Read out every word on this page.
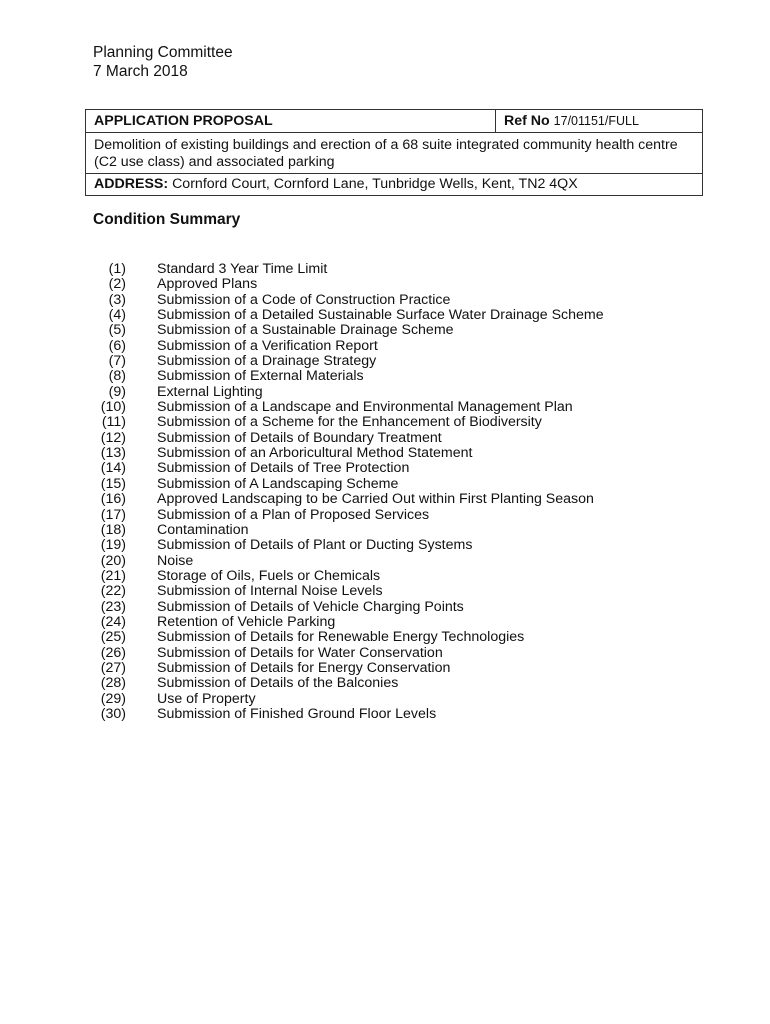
Planning Committee
7 March 2018
APPLICATION PROPOSAL	Ref No 17/01151/FULL
Demolition of existing buildings and erection of a 68 suite integrated community health centre (C2 use class) and associated parking
ADDRESS: Cornford Court, Cornford Lane, Tunbridge Wells, Kent, TN2 4QX
Condition Summary
(1) Standard 3 Year Time Limit
(2) Approved Plans
(3) Submission of a Code of Construction Practice
(4) Submission of a Detailed Sustainable Surface Water Drainage Scheme
(5) Submission of a Sustainable Drainage Scheme
(6) Submission of a Verification Report
(7) Submission of a Drainage Strategy
(8) Submission of External Materials
(9) External Lighting
(10) Submission of a Landscape and Environmental Management Plan
(11) Submission of a Scheme for the Enhancement of Biodiversity
(12) Submission of Details of Boundary Treatment
(13) Submission of an Arboricultural Method Statement
(14) Submission of Details of Tree Protection
(15) Submission of A Landscaping Scheme
(16) Approved Landscaping to be Carried Out within First Planting Season
(17) Submission of a Plan of Proposed Services
(18) Contamination
(19) Submission of Details of Plant or Ducting Systems
(20) Noise
(21) Storage of Oils, Fuels or Chemicals
(22) Submission of Internal Noise Levels
(23) Submission of Details of Vehicle Charging Points
(24) Retention of Vehicle Parking
(25) Submission of Details for Renewable Energy Technologies
(26) Submission of Details for Water Conservation
(27) Submission of Details for Energy Conservation
(28) Submission of Details of the Balconies
(29) Use of Property
(30) Submission of Finished Ground Floor Levels
